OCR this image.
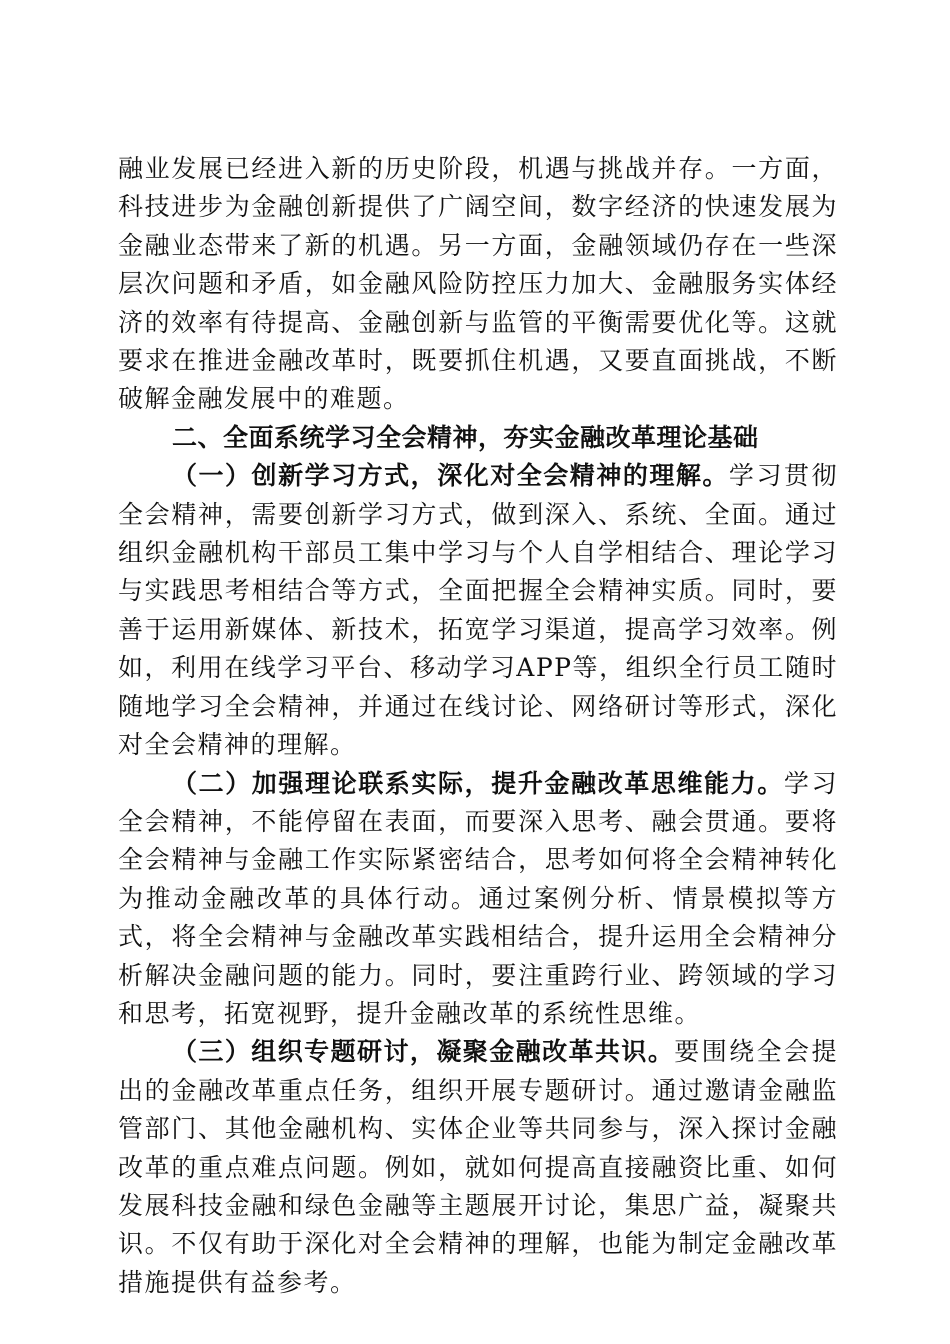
融业发展已经进入新的历史阶段，机遇与挑战并存。一方面，科技进步为金融创新提供了广阔空间，数字经济的快速发展为金融业态带来了新的机遇。另一方面，金融领域仍存在一些深层次问题和矛盾，如金融风险防控压力加大、金融服务实体经济的效率有待提高、金融创新与监管的平衡需要优化等。这就要求在推进金融改革时，既要抓住机遇，又要直面挑战，不断破解金融发展中的难题。

二、全面系统学习全会精神，夯实金融改革理论基础

（一）创新学习方式，深化对全会精神的理解。学习贯彻全会精神，需要创新学习方式，做到深入、系统、全面。通过组织金融机构干部员工集中学习与个人自学相结合、理论学习与实践思考相结合等方式，全面把握全会精神实质。同时，要善于运用新媒体、新技术，拓宽学习渠道，提高学习效率。例如，利用在线学习平台、移动学习APP等，组织全行员工随时随地学习全会精神，并通过在线讨论、网络研讨等形式，深化对全会精神的理解。

（二）加强理论联系实际，提升金融改革思维能力。学习全会精神，不能停留在表面，而要深入思考、融会贯通。要将全会精神与金融工作实际紧密结合，思考如何将全会精神转化为推动金融改革的具体行动。通过案例分析、情景模拟等方式，将全会精神与金融改革实践相结合，提升运用全会精神分析解决金融问题的能力。同时，要注重跨行业、跨领域的学习和思考，拓宽视野，提升金融改革的系统性思维。

（三）组织专题研讨，凝聚金融改革共识。要围绕全会提出的金融改革重点任务，组织开展专题研讨。通过邀请金融监管部门、其他金融机构、实体企业等共同参与，深入探讨金融改革的重点难点问题。例如，就如何提高直接融资比重、如何发展科技金融和绿色金融等主题展开讨论，集思广益，凝聚共识。不仅有助于深化对全会精神的理解，也能为制定金融改革措施提供有益参考。
